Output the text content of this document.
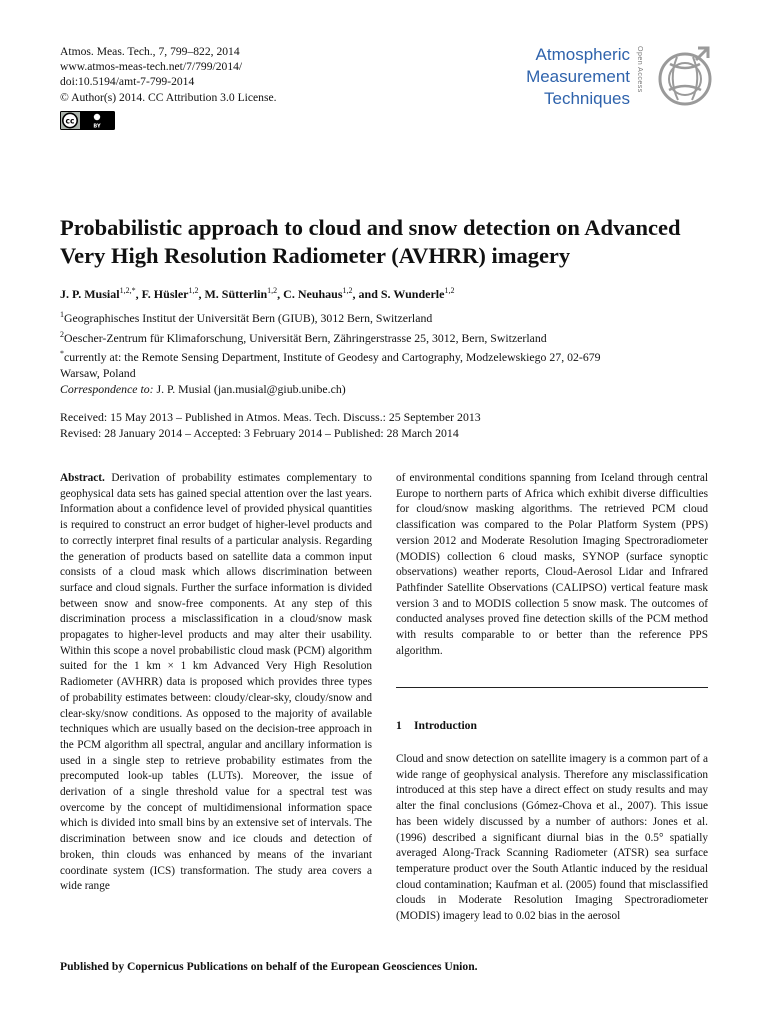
Atmos. Meas. Tech., 7, 799–822, 2014
www.atmos-meas-tech.net/7/799/2014/
doi:10.5194/amt-7-799-2014
© Author(s) 2014. CC Attribution 3.0 License.
cc
BY
Atmospheric
Measurement
Techniques
Open Access
Probabilistic approach to cloud and snow detection on Advanced Very High Resolution Radiometer (AVHRR) imagery
J. P. Musial$^{1,2,*}$, F. Hüsler$^{1,2}$, M. Sütterlin$^{1,2}$, C. Neuhaus$^{1,2}$, and S. Wunderle$^{1,2}$
$^1$Geographisches Institut der Universität Bern (GIUB), 3012 Bern, Switzerland
$^2$Oescher-Zentrum für Klimaforschung, Universität Bern, Zähringerstrasse 25, 3012, Bern, Switzerland
*currently at: the Remote Sensing Department, Institute of Geodesy and Cartography, Modzelewskiego 27, 02-679 Warsaw, Poland
Correspondence to: J. P. Musial (jan.musial@giub.unibe.ch)
Received: 15 May 2013 – Published in Atmos. Meas. Tech. Discuss.: 25 September 2013
Revised: 28 January 2014 – Accepted: 3 February 2014 – Published: 28 March 2014

Abstract. Derivation of probability estimates complementary to geophysical data sets has gained special attention over the last years. Information about a confidence level of provided physical quantities is required to construct an error budget of higher-level products and to correctly interpret final results of a particular analysis. Regarding the generation of products based on satellite data a common input consists of a cloud mask which allows discrimination between surface and cloud signals. Further the surface information is divided between snow and snow-free components. At any step of this discrimination process a misclassification in a cloud/snow mask propagates to higher-level products and may alter their usability. Within this scope a novel probabilistic cloud mask (PCM) algorithm suited for the 1 km × 1 km Advanced Very High Resolution Radiometer (AVHRR) data is proposed which provides three types of probability estimates between: cloudy/clear-sky, cloudy/snow and clear-sky/snow conditions. As opposed to the majority of available techniques which are usually based on the decision-tree approach in the PCM algorithm all spectral, angular and ancillary information is used in a single step to retrieve probability estimates from the precomputed look-up tables (LUTs). Moreover, the issue of derivation of a single threshold value for a spectral test was overcome by the concept of multidimensional information space which is divided into small bins by an extensive set of intervals. The discrimination between snow and ice clouds and detection of broken, thin clouds was enhanced by means of the invariant coordinate system (ICS) transformation. The study area covers a wide range

of environmental conditions spanning from Iceland through central Europe to northern parts of Africa which exhibit diverse difficulties for cloud/snow masking algorithms. The retrieved PCM cloud classification was compared to the Polar Platform System (PPS) version 2012 and Moderate Resolution Imaging Spectroradiometer (MODIS) collection 6 cloud masks, SYNOP (surface synoptic observations) weather reports, Cloud-Aerosol Lidar and Infrared Pathfinder Satellite Observations (CALIPSO) vertical feature mask version 3 and to MODIS collection 5 snow mask. The outcomes of conducted analyses proved fine detection skills of the PCM method with results comparable to or better than the reference PPS algorithm.

1 Introduction

Cloud and snow detection on satellite imagery is a common part of a wide range of geophysical analysis. Therefore any misclassification introduced at this step have a direct effect on study results and may alter the final conclusions (Gómez-Chova et al., 2007). This issue has been widely discussed by a number of authors: Jones et al. (1996) described a significant diurnal bias in the 0.5° spatially averaged Along-Track Scanning Radiometer (ATSR) sea surface temperature product over the South Atlantic induced by the residual cloud contamination; Kaufman et al. (2005) found that misclassified clouds in Moderate Resolution Imaging Spectroradiometer (MODIS) imagery lead to 0.02 bias in the aerosol

Published by Copernicus Publications on behalf of the European Geosciences Union.
